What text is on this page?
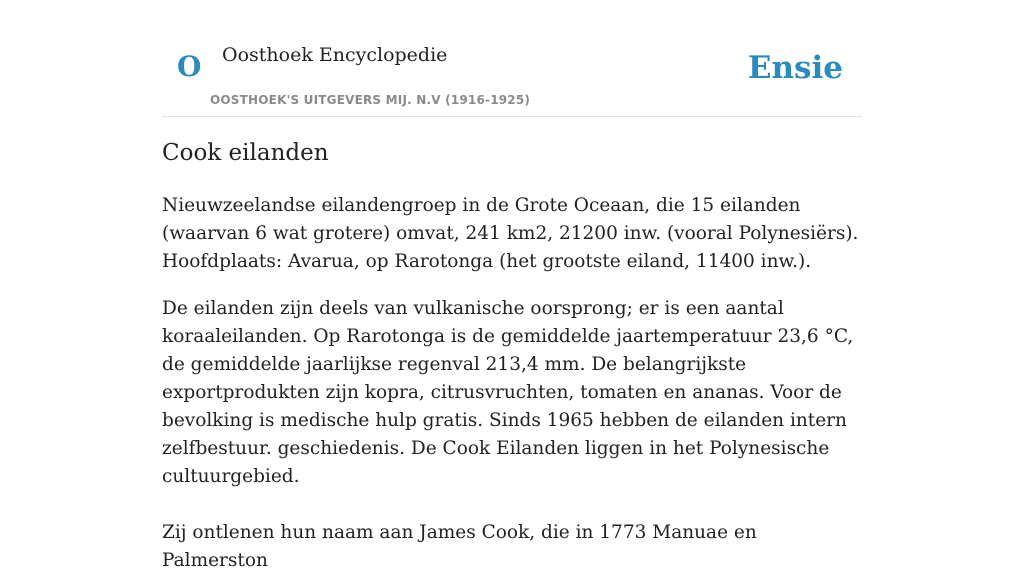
O Oosthoek Encyclopedie
OOSTHOEK'S UITGEVERS MIJ. N.V (1916-1925)
Ensie
Cook eilanden

Nieuwzeelandse eilandengroep in de Grote Oceaan, die 15 eilanden (waarvan 6 wat grotere) omvat, 241 km2, 21200 inw. (vooral Polynesiërs). Hoofdplaats: Avarua, op Rarotonga (het grootste eiland, 11400 inw.).

De eilanden zijn deels van vulkanische oorsprong; er is een aantal koraaleilanden. Op Rarotonga is de gemiddelde jaartemperatuur 23,6 °C, de gemiddelde jaarlijkse regenval 213,4 mm. De belangrijkste exportprodukten zijn kopra, citrusvruchten, tomaten en ananas. Voor de bevolking is medische hulp gratis. Sinds 1965 hebben de eilanden intern zelfbestuur. geschiedenis. De Cook Eilanden liggen in het Polynesische cultuurgebied.

Zij ontlenen hun naam aan James Cook, die in 1773 Manuae en Palmerston
